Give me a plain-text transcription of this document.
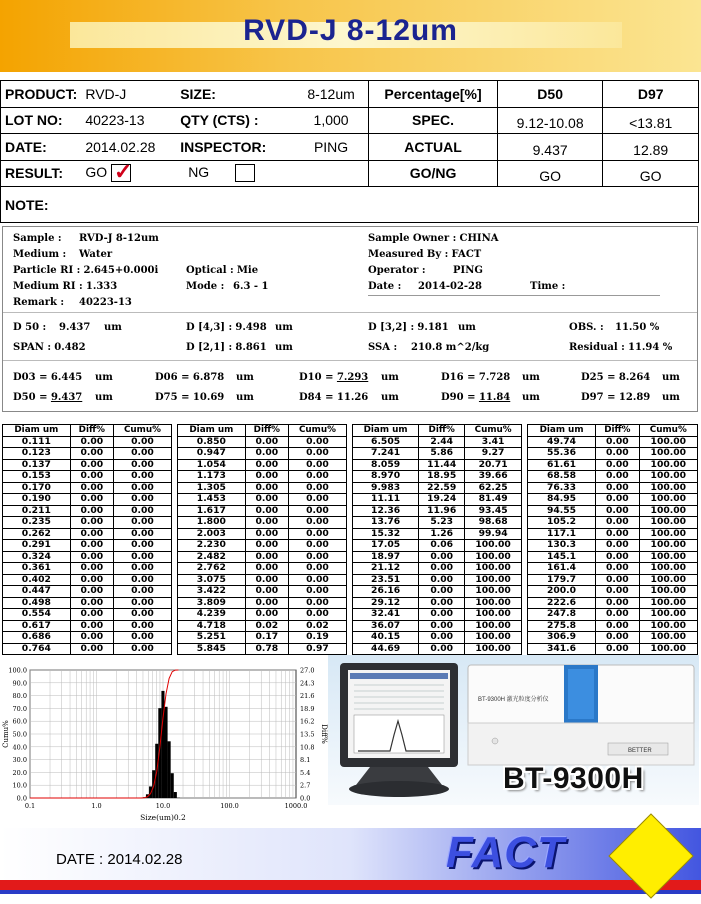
RVD-J 8-12um
PRODUCT:	RVD-J	SIZE:	8-12um	Percentage[%]	D50	D97
LOT NO:	40223-13	QTY (CTS) :	1,000	SPEC.	9.12-10.08	<13.81
DATE:	2014.02.28	INSPECTOR:	PING	ACTUAL	9.437	12.89
RESULT:	GO ✓	NG		GO/NG	GO	GO
NOTE:						
Sample : RVD-J 8-12um
Medium : Water
Particle RI : 2.645+0.000i	Optical : Mie
Medium RI : 1.333	Mode : 6.3 - 1
Remark : 40223-13
Sample Owner : CHINA
Measured By : FACT
Operator :	PING
Date : 2014-02-28	Time :
D 50 : 9.437 um	D [4,3] : 9.498 um	D [3,2] : 9.181 um	OBS. : 11.50 %
SPAN : 0.482	D [2,1] : 8.861 um	SSA : 210.8 m^2/kg	Residual : 11.94 %
D03 = 6.445 um	D06 = 6.878 um	D10 = 7.293 um	D16 = 7.728 um	D25 = 8.264 um
D50 = 9.437 um	D75 = 10.69 um	D84 = 11.26 um	D90 = 11.84 um	D97 = 12.89 um
Diam um	Diff%	Cumu%
0.111	0.00	0.00
0.123	0.00	0.00
0.137	0.00	0.00
0.153	0.00	0.00
0.170	0.00	0.00
0.190	0.00	0.00
0.211	0.00	0.00
0.235	0.00	0.00
0.262	0.00	0.00
0.291	0.00	0.00
0.324	0.00	0.00
0.361	0.00	0.00
0.402	0.00	0.00
0.447	0.00	0.00
0.498	0.00	0.00
0.554	0.00	0.00
0.617	0.00	0.00
0.686	0.00	0.00
0.764	0.00	0.00
Diam um	Diff%	Cumu%
0.850	0.00	0.00
0.947	0.00	0.00
1.054	0.00	0.00
1.173	0.00	0.00
1.305	0.00	0.00
1.453	0.00	0.00
1.617	0.00	0.00
1.800	0.00	0.00
2.003	0.00	0.00
2.230	0.00	0.00
2.482	0.00	0.00
2.762	0.00	0.00
3.075	0.00	0.00
3.422	0.00	0.00
3.809	0.00	0.00
4.239	0.00	0.00
4.718	0.02	0.02
5.251	0.17	0.19
5.845	0.78	0.97
Diam um	Diff%	Cumu%
6.505	2.44	3.41
7.241	5.86	9.27
8.059	11.44	20.71
8.970	18.95	39.66
9.983	22.59	62.25
11.11	19.24	81.49
12.36	11.96	93.45
13.76	5.23	98.68
15.32	1.26	99.94
17.05	0.06	100.00
18.97	0.00	100.00
21.12	0.00	100.00
23.51	0.00	100.00
26.16	0.00	100.00
29.12	0.00	100.00
32.41	0.00	100.00
36.07	0.00	100.00
40.15	0.00	100.00
44.69	0.00	100.00
Diam um	Diff%	Cumu%
49.74	0.00	100.00
55.36	0.00	100.00
61.61	0.00	100.00
68.58	0.00	100.00
76.33	0.00	100.00
84.95	0.00	100.00
94.55	0.00	100.00
105.2	0.00	100.00
117.1	0.00	100.00
130.3	0.00	100.00
145.1	0.00	100.00
161.4	0.00	100.00
179.7	0.00	100.00
200.0	0.00	100.00
222.6	0.00	100.00
247.8	0.00	100.00
275.8	0.00	100.00
306.9	0.00	100.00
341.6	0.00	100.00
0.0
10.0
20.0
30.0
40.0
50.0
60.0
70.0
80.0
90.0
100.0
0.0
2.7
5.4
8.1
10.8
13.5
16.2
18.9
21.6
24.3
27.0
0.1	1.0	10.0	100.0	1000.0
Cumu%	Diff%
Size(um)0.2
BT-9300H 激光粒度分析仪
BETTER
BT-9300H
DATE : 2014.02.28	FACT
